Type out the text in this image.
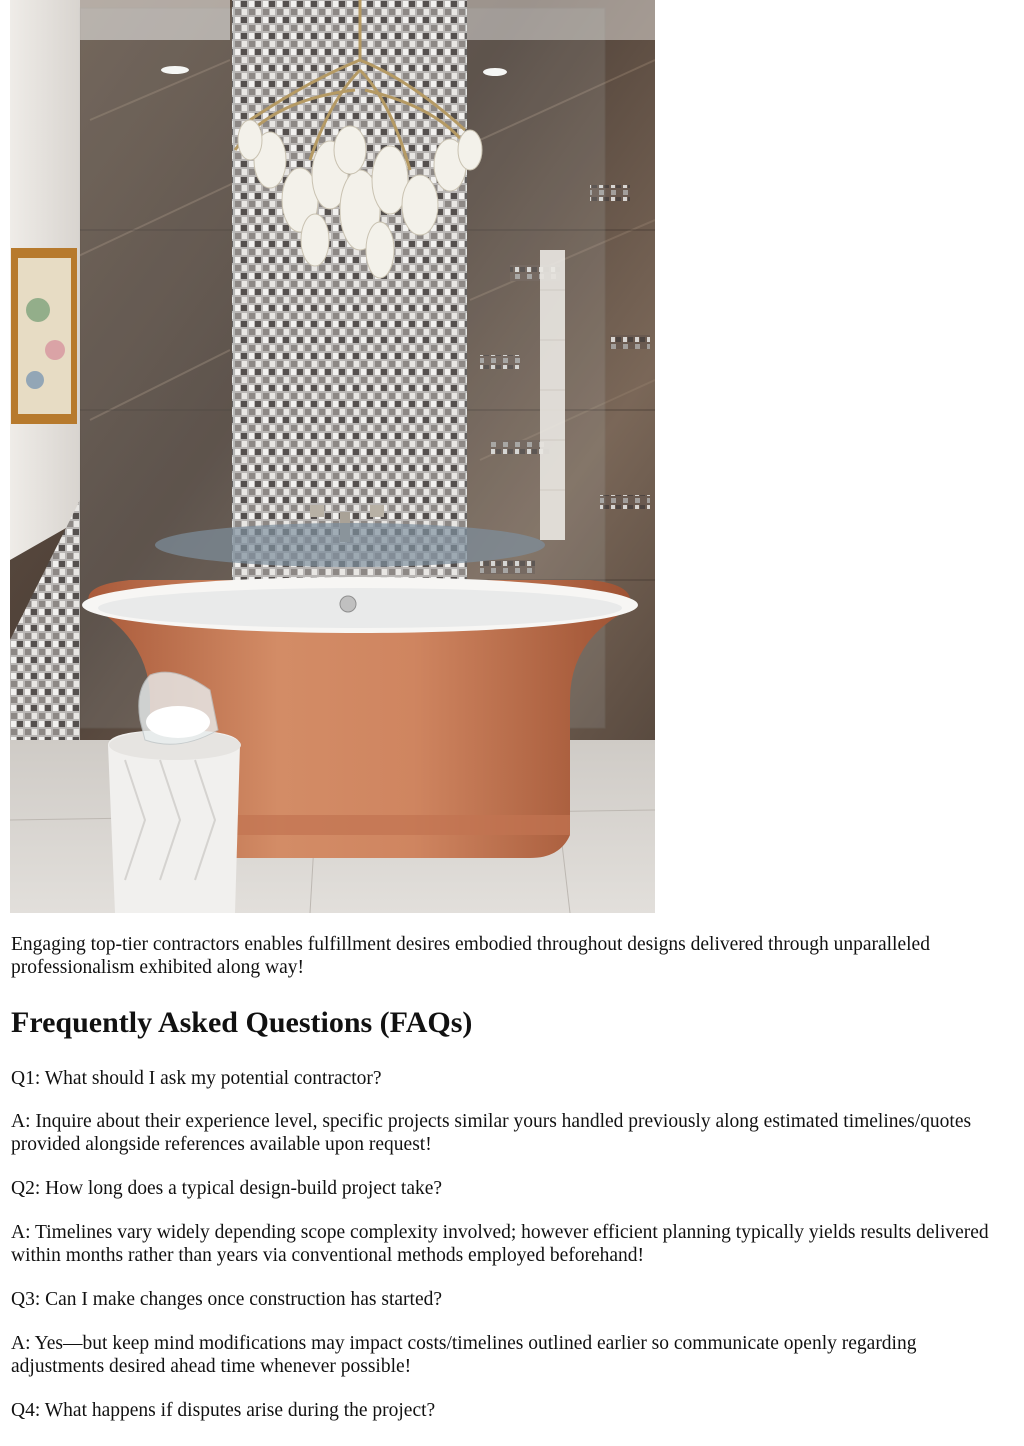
Engaging top-tier contractors enables fulfillment desires embodied throughout designs delivered through unparalleled professionalism exhibited along way!

Frequently Asked Questions (FAQs)

Q1: What should I ask my potential contractor?

A: Inquire about their experience level, specific projects similar yours handled previously along estimated timelines/quotes provided alongside references available upon request!

Q2: How long does a typical design-build project take?

A: Timelines vary widely depending scope complexity involved; however efficient planning typically yields results delivered within months rather than years via conventional methods employed beforehand!

Q3: Can I make changes once construction has started?

A: Yes—but keep mind modifications may impact costs/timelines outlined earlier so communicate openly regarding adjustments desired ahead time whenever possible!

Q4: What happens if disputes arise during the project?
